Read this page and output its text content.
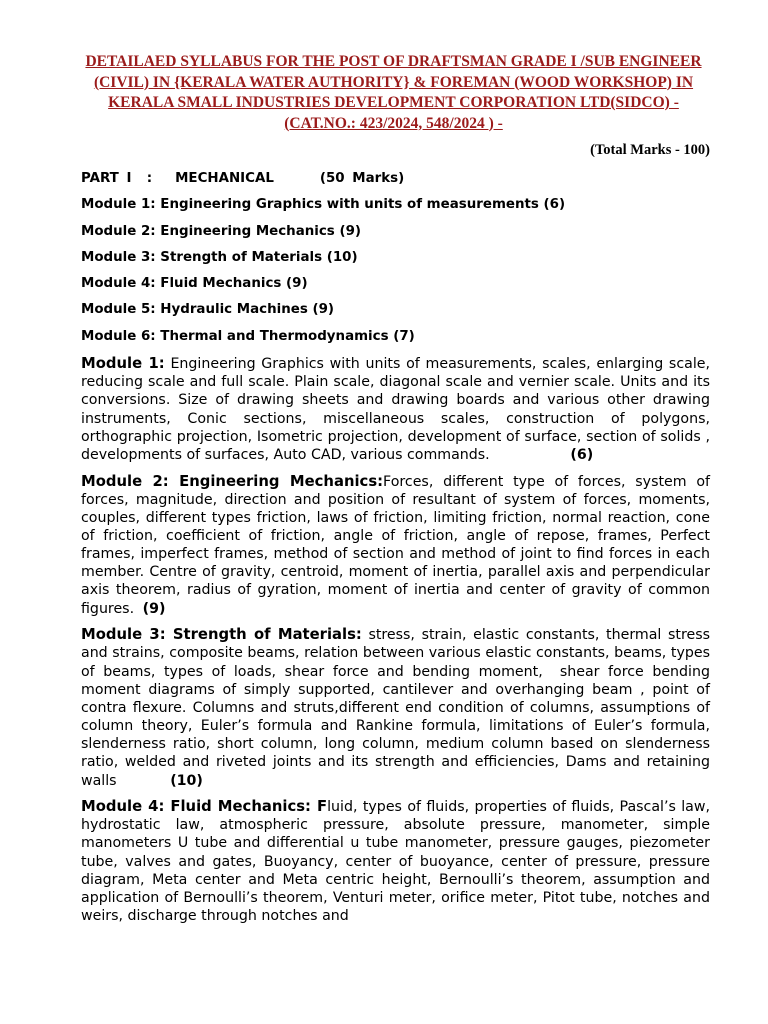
DETAILAED SYLLABUS FOR THE POST OF DRAFTSMAN GRADE I /SUB ENGINEER (CIVIL) IN {KERALA WATER AUTHORITY} & FOREMAN (WOOD WORKSHOP) IN KERALA SMALL INDUSTRIES DEVELOPMENT CORPORATION LTD(SIDCO) - (CAT.NO.: 423/2024, 548/2024 ) -
(Total Marks - 100)
PART I  :   MECHANICAL      (50 Marks)
Module 1: Engineering Graphics with units of measurements (6)
Module 2: Engineering Mechanics (9)
Module 3: Strength of Materials (10)
Module 4: Fluid Mechanics (9)
Module 5: Hydraulic Machines (9)
Module 6: Thermal and Thermodynamics (7)

Module 1: Engineering Graphics with units of measurements, scales, enlarging scale, reducing scale and full scale. Plain scale, diagonal scale and vernier scale. Units and its conversions. Size of drawing sheets and drawing boards and various other drawing instruments, Conic sections, miscellaneous scales, construction of polygons, orthographic projection, Isometric projection, development of surface, section of solids , developments of surfaces, Auto CAD, various commands.                 (6)

Module 2: Engineering Mechanics:Forces, different type of forces, system of forces, magnitude, direction and position of resultant of system of forces, moments, couples, different types friction, laws of friction, limiting friction, normal reaction, cone of friction, coefficient of friction, angle of friction, angle of repose, frames, Perfect frames, imperfect frames, method of section and method of joint to find forces in each member. Centre of gravity, centroid, moment of inertia, parallel axis and perpendicular axis theorem, radius of gyration, moment of inertia and center of gravity of common figures. (9)

Module 3: Strength of Materials: stress, strain, elastic constants, thermal stress and strains, composite beams, relation between various elastic constants, beams, types of beams, types of loads, shear force and bending moment,  shear force bending moment diagrams of simply supported, cantilever and overhanging beam , point of contra flexure. Columns and struts,different end condition of columns, assumptions of column theory, Euler’s formula and Rankine formula, limitations of Euler’s formula,  slenderness ratio, short column, long column, medium column based on slenderness ratio, welded and riveted joints and its strength and efficiencies, Dams and retaining walls           (10)

Module 4: Fluid Mechanics: Fluid, types of fluids, properties of fluids, Pascal’s law, hydrostatic law, atmospheric pressure, absolute pressure, manometer, simple manometers U tube and differential u tube manometer, pressure gauges, piezometer tube, valves and gates, Buoyancy, center of buoyance, center of pressure, pressure diagram, Meta center and Meta centric height, Bernoulli’s theorem, assumption and application of Bernoulli’s theorem, Venturi meter, orifice meter, Pitot tube, notches and weirs, discharge through notches and
